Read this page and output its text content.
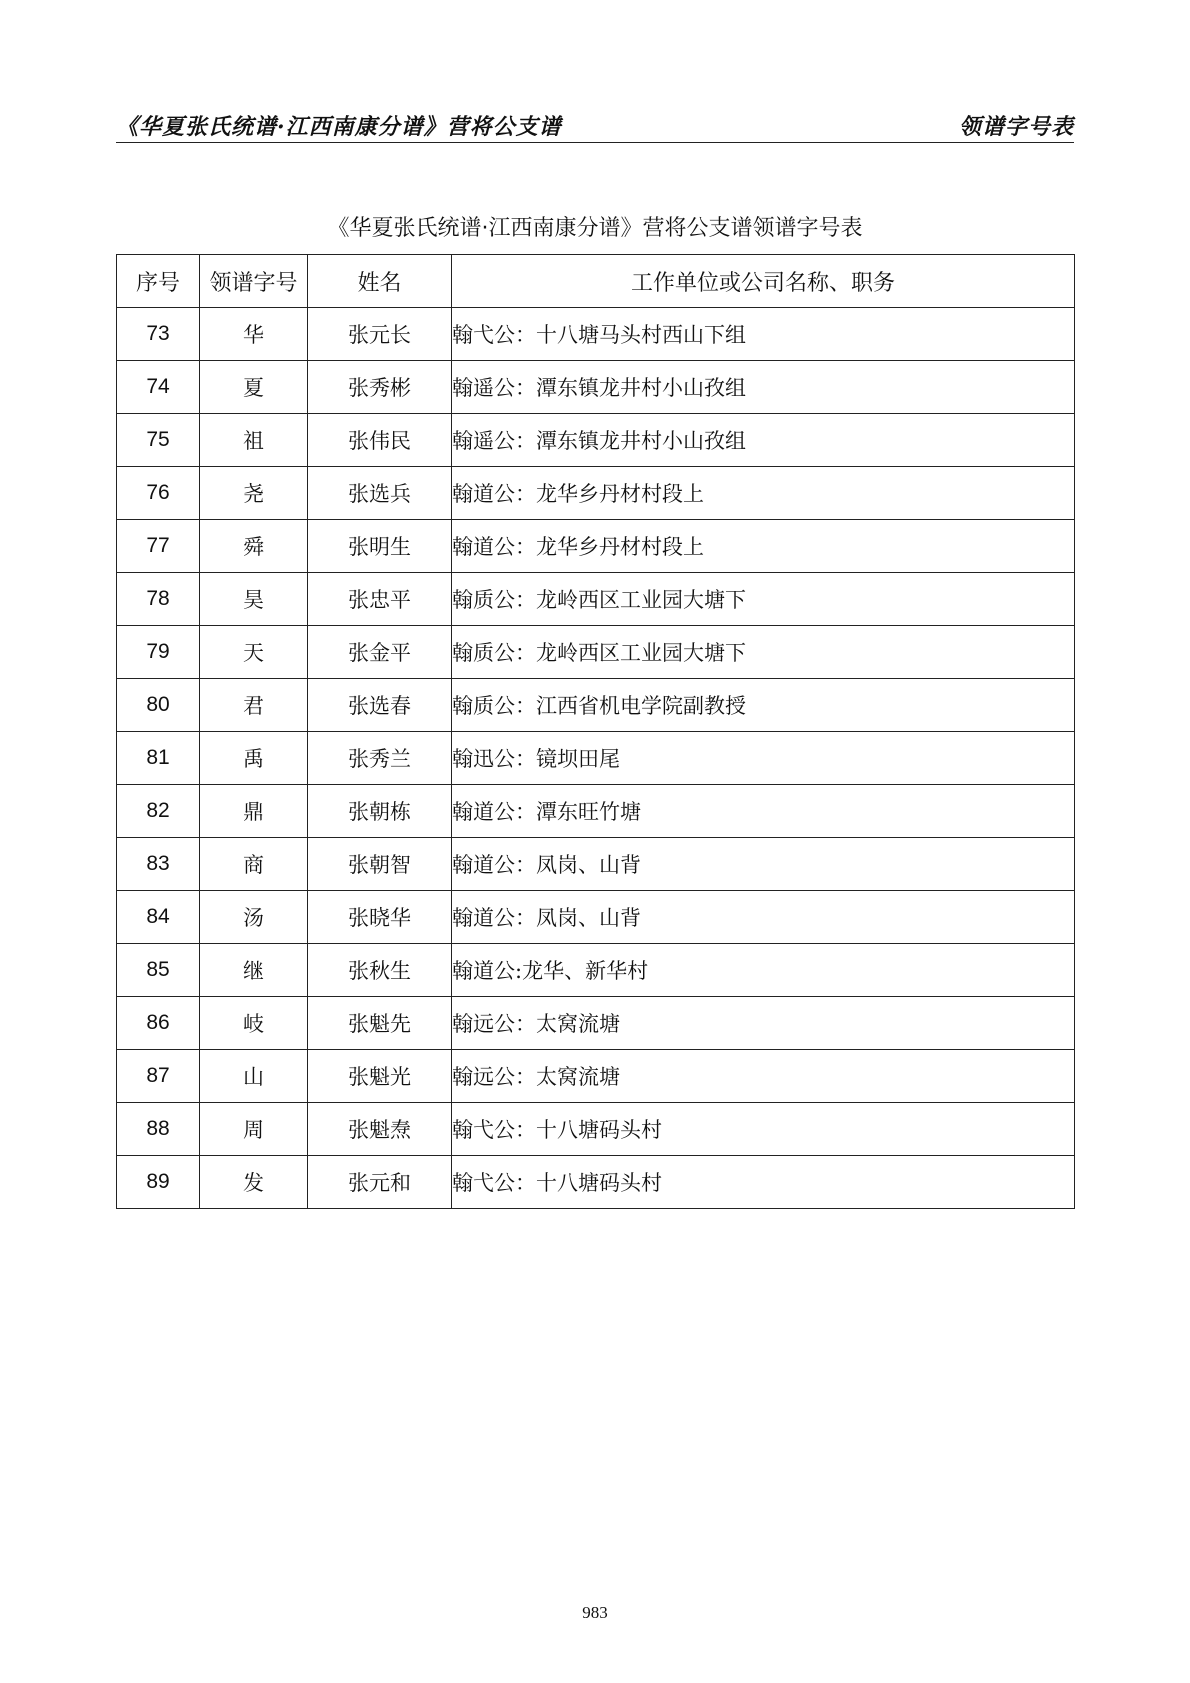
《华夏张氏统谱·江西南康分谱》营将公支谱	领谱字号表
《华夏张氏统谱·江西南康分谱》营将公支谱领谱字号表
序号	领谱字号	姓名	工作单位或公司名称、职务
73	华	张元长	翰弋公：十八塘马头村西山下组
74	夏	张秀彬	翰遥公：潭东镇龙井村小山孜组
75	祖	张伟民	翰遥公：潭东镇龙井村小山孜组
76	尧	张选兵	翰道公：龙华乡丹材村段上
77	舜	张明生	翰道公：龙华乡丹材村段上
78	昊	张忠平	翰质公：龙岭西区工业园大塘下
79	天	张金平	翰质公：龙岭西区工业园大塘下
80	君	张选春	翰质公：江西省机电学院副教授
81	禹	张秀兰	翰迅公：镜坝田尾
82	鼎	张朝栋	翰道公：潭东旺竹塘
83	商	张朝智	翰道公：凤岗、山背
84	汤	张晓华	翰道公：凤岗、山背
85	继	张秋生	翰道公:龙华、新华村
86	岐	张魁先	翰远公：太窝流塘
87	山	张魁光	翰远公：太窝流塘
88	周	张魁焘	翰弋公：十八塘码头村
89	发	张元和	翰弋公：十八塘码头村
983
